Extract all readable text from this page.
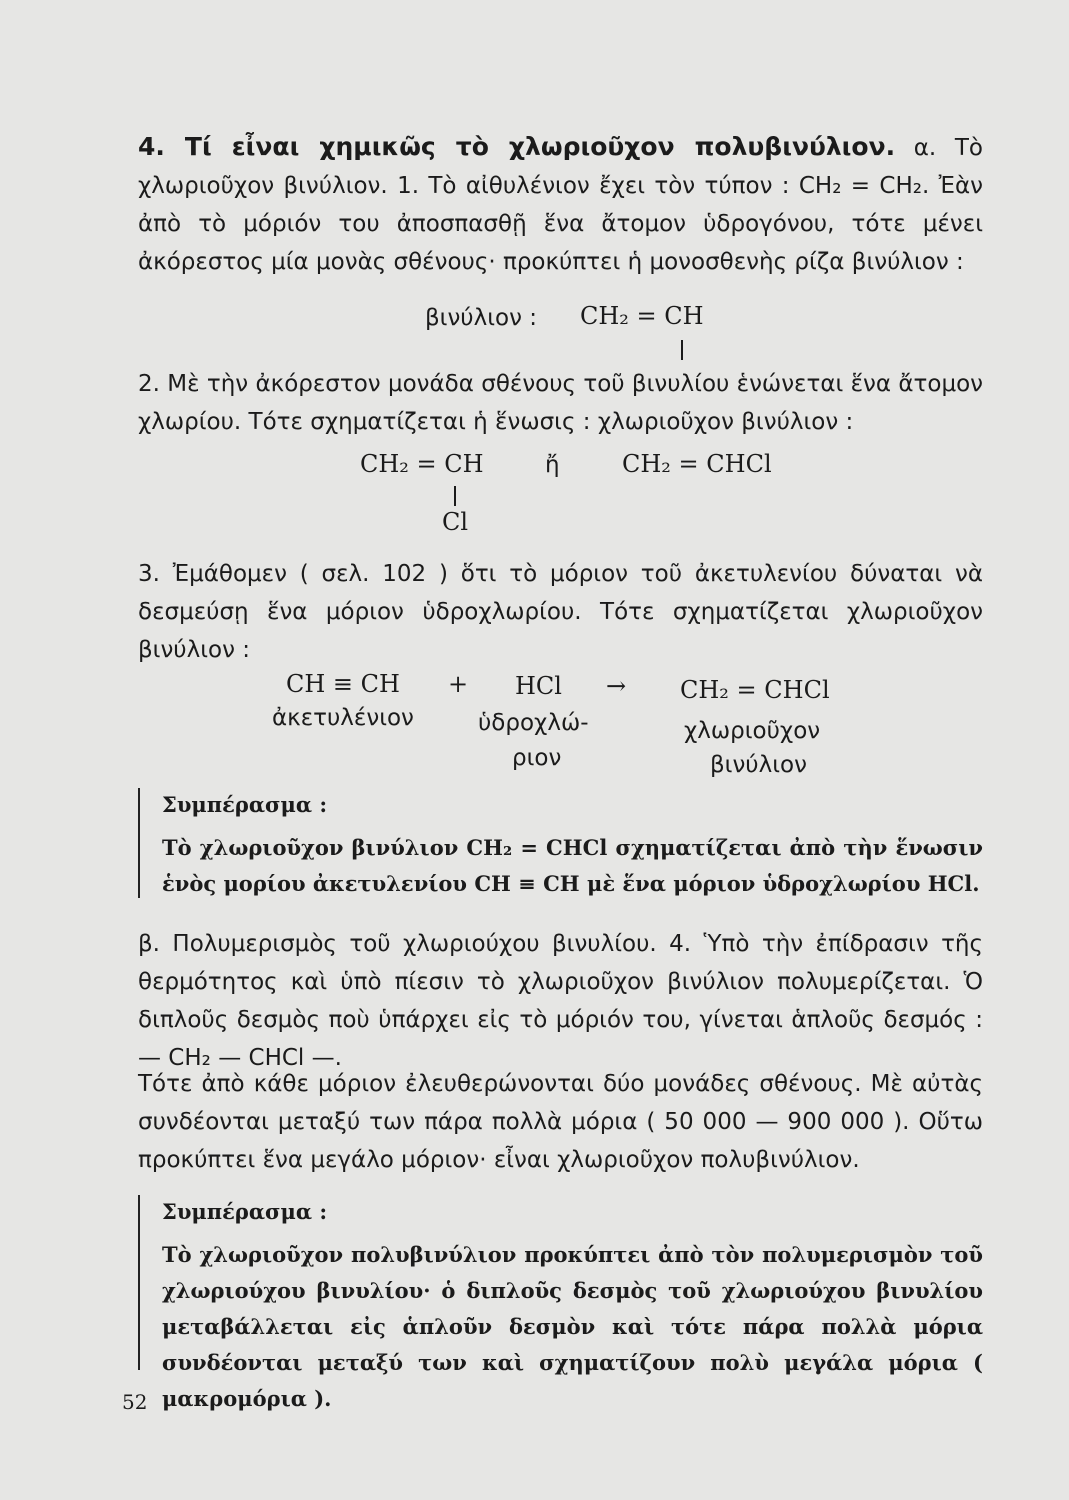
4. Τί εἶναι χημικῶς τὸ χλωριοῦχον πολυβινύλιον. α. Τὸ χλωριοῦχον βινύλιον. 1. Τὸ αἰθυλένιον ἔχει τὸν τύπον : CH₂ = CH₂. Ἐὰν ἀπὸ τὸ μόριόν του ἀποσπασθῇ ἕνα ἄτομον ὑδρογόνου, τότε μένει ἀκόρεστος μία μονὰς σθένους· προκύπτει ἡ μονοσθενὴς ρίζα βινύλιον :

βινύλιον : CH₂ = CH

2. Μὲ τὴν ἀκόρεστον μονάδα σθένους τοῦ βινυλίου ἑνώνεται ἕνα ἄτομον χλωρίου. Τότε σχηματίζεται ἡ ἕνωσις : χλωριοῦχον βινύλιον :

CH₂ = CH
Cl
ἤ	CH₂ = CHCl

3. Ἐμάθομεν ( σελ. 102 ) ὅτι τὸ μόριον τοῦ ἀκετυλενίου δύναται νὰ δεσμεύσῃ ἕνα μόριον ὑδροχλωρίου. Τότε σχηματίζεται χλωριοῦχον βινύλιον :

CH ≡ CH
ἀκετυλένιον
+ HCl
ὑδροχλώ-
ριον
→ CH₂ = CHCl
χλωριοῦχον
βινύλιον
Συμπέρασμα :

Τὸ χλωριοῦχον βινύλιον CH₂ = CHCl σχηματίζεται ἀπὸ τὴν ἕνωσιν ἑνὸς μορίου ἀκετυλενίου CH ≡ CH μὲ ἕνα μόριον ὑδροχλωρίου HCl.

β. Πολυμερισμὸς τοῦ χλωριούχου βινυλίου. 4. Ὑπὸ τὴν ἐπίδρασιν τῆς θερμότητος καὶ ὑπὸ πίεσιν τὸ χλωριοῦχον βινύλιον πολυμερίζεται. Ὁ διπλοῦς δεσμὸς ποὺ ὑπάρχει εἰς τὸ μόριόν του, γίνεται ἁπλοῦς δεσμός : — CH₂ — CHCl —.

Τότε ἀπὸ κάθε μόριον ἐλευθερώνονται δύο μονάδες σθένους. Μὲ αὐτὰς συνδέονται μεταξύ των πάρα πολλὰ μόρια ( 50 000 — 900 000 ). Οὕτω προκύπτει ἕνα μεγάλο μόριον· εἶναι χλωριοῦχον πολυβινύλιον.

Συμπέρασμα :

Τὸ χλωριοῦχον πολυβινύλιον προκύπτει ἀπὸ τὸν πολυμερισμὸν τοῦ χλωριούχου βινυλίου· ὁ διπλοῦς δεσμὸς τοῦ χλωριούχου βινυλίου μεταβάλλεται εἰς ἁπλοῦν δεσμὸν καὶ τότε πάρα πολλὰ μόρια συνδέονται μεταξύ των καὶ σχηματίζουν πολὺ μεγάλα μόρια ( μακρομόρια ).

52
